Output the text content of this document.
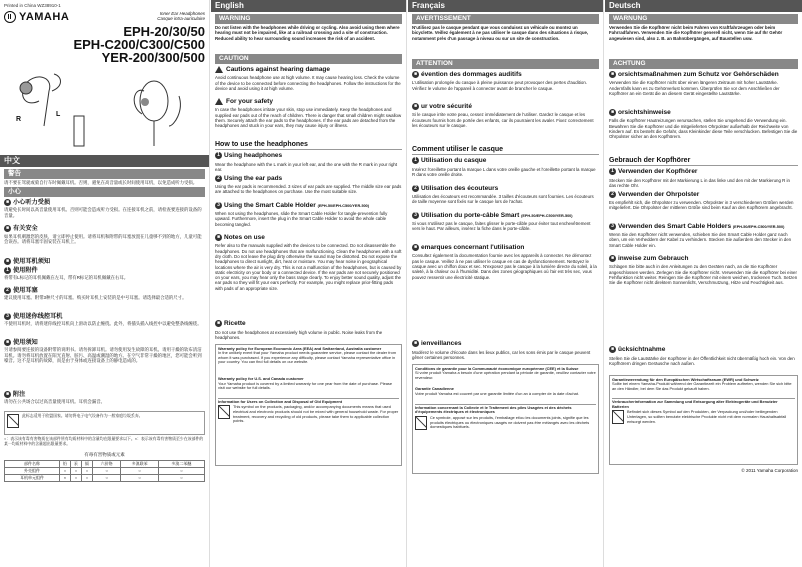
Printed in China WZ38910-1
YAMAHA	Inner Ear Headphones
Casque intra-auriculaire
EPH-20/30/50
EPH-C200/C300/C500
YER-200/300/500
R
L
中文
警告
请不要在驾驶或骑自行车时佩戴耳机。否则，避免在高音量或长时间使用耳机，以免造成听力受损。
小心
■ 小心听力受损
请避免长时间以高音量使用耳机。否则可能会造成听力受损。在连接耳机之前，请检查要连接的设备的音量。
■ 有关安全
如果耳机刺激您的皮肤，请立即停止使用。请将耳机和附带的耳塞放置在儿童够不到的地方，儿童可能会误吞。请将耳塞牢固安装在耳机上。
■ 使用耳机须知
1 使用附件
将带有L标记的耳机佩戴在左耳，带有R标记的耳机佩戴在右耳。
2 使用耳塞
建议使用耳塞。附带3种尺寸的耳塞。购买时耳机上安装的是中号耳塞。请选择最合适的尺寸。
3 使用迷你线控耳机
不使用耳机时，请将迷你线控耳机向上滑动以防止缠绕。此外，将插头插入线控中以避免整条线缠绕。
■ 使用须知
另请参阅要连接的设备附带的说明书。请勿拆卸耳机。请勿使用发生故障的耳机。请用干燥的软布清洁耳机。请勿将耳机放置在阳光直射、脏污、高温或潮湿的地方。在空气非常干燥的地区，您可能会听到噪音。这不是耳机的故障，而是由于身体或连接设备上的静电造成的。
■ 附注
请勿在公共场合以过高音量使用耳机。耳机会漏音。
此标志适用于欧盟国家。请勿将电子电气设备作为一般家庭垃圾丢弃。
○：表示该有毒有害物质在该部件所有均质材料中的含量均在限量要求以下。×：表示该有毒有害物质至少在该部件的某一均质材料中的含量超出限量要求。
有毒有害物质或元素
部件名称	铅	汞	镉	六价铬	多溴联苯	多溴二苯醚
外壳组件	○	○	○	○	○	○
耳机单元组件	×	○	○	○	○	○
English
WARNING
Do not listen with the headphones while driving or cycling. Also avoid using them where hearing must not be impaired, like at a railroad crossing and a site of construction. Reduced ability to hear surrounding sound increases the risk of an accident.
CAUTION
Cautions against hearing damage
Avoid continuous headphone use at high volume. It may cause hearing loss. Check the volume of the device to be connected before connecting the headphones. Follow the instructions for the device and avoid using it at high volume.
For your safety
In case the headphones irritate your skin, stop use immediately. Keep the headphones and supplied ear pads out of the reach of children. There is danger that small children might swallow them. Securely attach the ear pads to the headphones. If the ear pads are detached from the headphones and stuck in your ears, they may cause injury or illness.
How to use the headphones
1 Using headphones
Wear the headphone with the L mark in your left ear, and the one with the R mark in your right ear.
2 Using the ear pads
Using the ear pads is recommended. 3 sizes of ear pads are supplied. The middle size ear pads are attached to the headphones on purchase. Use the most suitable size.
3 Using the Smart Cable Holder (EPH-50/EPH-C500/YER-500)
When not using the headphones, slide the Smart Cable Holder for tangle-prevention fully upward. Furthermore, insert the plug in the Smart Cable Holder to avoid the whole cable becoming tangled.
■ Notes on use
Refer also to the manuals supplied with the devices to be connected. Do not disassemble the headphones. Do not use headphones that are malfunctioning. Clean the headphones with a soft dry cloth. Do not leave the plug dirty otherwise the sound may be distorted. Do not expose the headphones to direct sunlight, dirt, heat or moisture. You may hear noise in geographical locations where the air is very dry. This is not a malfunction of the headphones, but is caused by static electricity on your body or a connected device. If the ear pads are not securely positioned on your ears, you may hear only the bass range clearly. To enjoy better sound quality, adjust the ear pads so they will fit your ears perfectly. For example, you might replace prior-fitting pads with pads of an appropriate size.
■ Ricette
Do not use the headphones at excessively high volume in public. Noise leaks from the headphones.
Warranty policy for European Economic Area (EEA) and Switzerland, Australia customer
In the unlikely event that your Yamaha product needs guarantee service, please contact the dealer from whom it was purchased. If you experience any difficulty, please contact Yamaha representative office in your country. You can find full details on our website.
Warranty policy for U.S. and Canada customer
Your Yamaha product is covered by a limited warranty for one year from the date of purchase. Please visit our website for full details.
Information for Users on Collection and Disposal of Old Equipment
This symbol on the products, packaging, and/or accompanying documents means that used electrical and electronic products should not be mixed with general household waste. For proper treatment, recovery and recycling of old products, please take them to applicable collection points.
Français
AVERTISSEMENT
N'utilisez pas le casque pendant que vous conduisez un véhicule ou montez un bicyclette. Veillez également à ne pas utiliser le casque dans des situations à risque, notamment près d'un passage à niveau ou sur un site de construction.
ATTENTION
■ évention des dommages auditifs
L'utilisation prolongée du casque à pleine puissance peut provoquer des pertes d'audition. Vérifiez le volume de l'appareil à connecter avant de brancher le casque.
■ ur votre sécurité
Si le casque irrite votre peau, cessez immédiatement de l'utiliser. Gardez le casque et les écouteurs fournis hors de portée des enfants, car ils pourraient les avaler. Fixez correctement les écouteurs sur le casque.
Comment utiliser le casque
1 Utilisation du casque
Insérez l'oreillette portant la marque L dans votre oreille gauche et l'oreillette portant la marque R dans votre oreille droite.
2 Utilisation des écouteurs
Utilisation des écouteurs est recommandée. 3 tailles d'écouteurs sont fournies. Les écouteurs de taille moyenne sont fixés sur le casque lors de l'achat.
3 Utilisation du porte-câble Smart (EPH-50/EPH-C500/YER-500)
Si vous n'utilisez pas le casque, faites glisser le porte-câble pour éviter tout enchevêtrement vers le haut. Par ailleurs, insérez la fiche dans le porte-câble.
■ emarques concernant l'utilisation
Consultez également la documentation fournie avec les appareils à connecter. Ne démontez pas le casque. Veillez à ne pas utiliser le casque en cas de dysfonctionnement. Nettoyez le casque avec un chiffon doux et sec. N'exposez pas le casque à la lumière directe du soleil, à la saleté, à la chaleur ou à l'humidité. Dans des zones géographiques où l'air est très sec, vous pouvez ressentir une électricité statique.
■ ienveillances
Modérez le volume d'écoute dans les lieux publics, car les sons émis par le casque peuvent gêner certaines personnes.
Conditions de garantie pour la Communauté économique européenne (CEE) et la Suisse
Si votre produit Yamaha a besoin d'une opération pendant la période de garantie, veuillez contacter votre revendeur.
Garantie Canadienne
Votre produit Yamaha est couvert par une garantie limitée d'un an à compter de la date d'achat.
Information concernant la Collecte et le Traitement des piles Usagées et des déchets d'équipements électriques et électroniques
Ce symbole, apposé sur les produits, l'emballage et/ou les documents joints, signifie que les produits électriques ou électroniques usagés ne doivent pas être mélangés avec les déchets domestiques habituels.
Deutsch
WARNUNG
Verwenden Sie die Kopfhörer nicht beim Fahren von Kraftfahrzeugen oder beim Fahrradfahren. Verwenden Sie die Kopfhörer generell nicht, wenn Sie auf Ihr Gehör angewiesen sind, also z. B. an Bahnübergängen, auf Baustellen usw.
ACHTUNG
■ orsichtsmaßnahmen zum Schutz vor Gehörschäden
Verwenden Sie die Kopfhörer nicht über einen längeren Zeitraum mit hoher Lautstärke. Andernfalls kann es zu Gehörverlust kommen. Überprüfen Sie vor dem Anschließen der Kopfhörer an ein Gerät die an diesem Gerät eingestellte Lautstärke.
■ orsichtshinweise
Falls die Kopfhörer Hautreizungen verursachen, stellen Sie umgehend die Verwendung ein. Bewahren Sie die Kopfhörer und die mitgelieferten Ohrpolster außerhalb der Reichweite von Kindern auf. Es besteht die Gefahr, dass Kleinkinder diese Teile verschlucken. Befestigen Sie die Ohrpolster sicher an den Kopfhörern.
Gebrauch der Kopfhörer
1 Verwenden der Kopfhörer
Stecken Sie den Kopfhörer mit der Markierung L in das linke und den mit der Markierung R in das rechte Ohr.
2 Verwenden der Ohrpolster
Es empfiehlt sich, die Ohrpolster zu verwenden. Ohrpolster in 3 verschiedenen Größen werden mitgeliefert. Die Ohrpolster der mittleren Größe sind beim Kauf an den Kopfhörern angebracht.
3 Verwenden des Smart Cable Holders (EPH-50/EPH-C500/YER-500)
Wenn Sie den Kopfhörer nicht verwenden, schieben Sie den Smart Cable Holder ganz nach oben, um ein Verheddern der Kabel zu verhindern. Stecken Sie außerdem den Stecker in den Smart Cable Holder ein.
■ inweise zum Gebrauch
Schlagen Sie bitte auch in den Anleitungen zu den Geräten nach, an die Sie Kopfhörer angeschlossen werden. Zerlegen Sie die Kopfhörer nicht. Verwenden Sie die Kopfhörer bei einer Fehlfunktion nicht weiter. Reinigen Sie die Kopfhörer mit einem weichen, trockenen Tuch. Setzen Sie die Kopfhörer nicht direktem Sonnenlicht, Verschmutzung, Hitze und Feuchtigkeit aus.
■ ücksichtnahme
Stellen Sie die Lautstärke der Kopfhörer in der Öffentlichkeit nicht übermäßig hoch ein. Von den Kopfhörern dringen Geräusche nach außen.
Garantiewerendung für den Europäischen Wirtschaftsraum (EWR) und Schweiz
Sollte bei einem Yamaha-Produkt während der Garantiezeit ein Problem auftreten, wenden Sie sich bitte an den Händler, bei dem Sie das Produkt gekauft haben.
Verbraucherinformation zur Sammlung und Entsorgung alter Elektrogeräte und Benutzter Batterien
Befindet sich dieses Symbol auf den Produkten, der Verpackung und/oder beiliegenden Unterlagen, so sollten benutzte elektrische Produkte nicht mit dem normalen Haushaltsabfall entsorgt werden.
© 2011 Yamaha Corporation
